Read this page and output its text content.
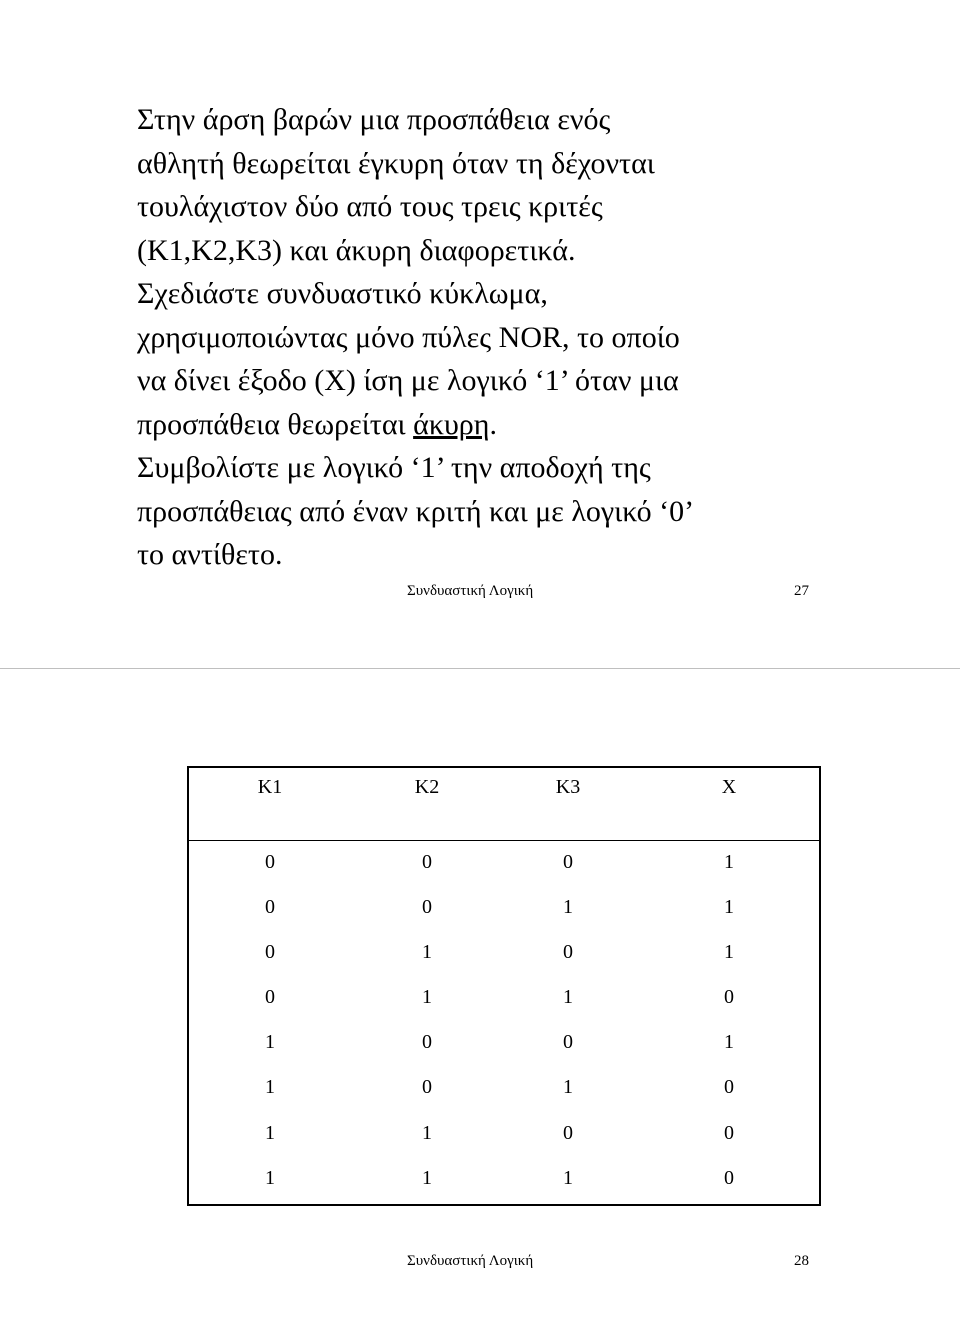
Στην άρση βαρών μια προσπάθεια ενός
αθλητή θεωρείται έγκυρη όταν τη δέχονται
τουλάχιστον δύο από τους τρεις κριτές
(Κ1,Κ2,Κ3) και άκυρη διαφορετικά.
Σχεδιάστε συνδυαστικό κύκλωμα,
χρησιμοποιώντας μόνο πύλες NOR, το οποίο
να δίνει έξοδο (Χ) ίση με λογικό ‘1’ όταν μια
προσπάθεια θεωρείται άκυρη.
Συμβολίστε με λογικό ‘1’ την αποδοχή της
προσπάθειας από έναν κριτή και με λογικό ‘0’
το αντίθετο.
Συνδυαστική Λογική	27
Συνδυαστική Λογική	28
Κ1	Κ2	Κ3	Χ
0	0	0	1
0	0	1	1
0	1	0	1
0	1	1	0
1	0	0	1
1	0	1	0
1	1	0	0
1	1	1	0
